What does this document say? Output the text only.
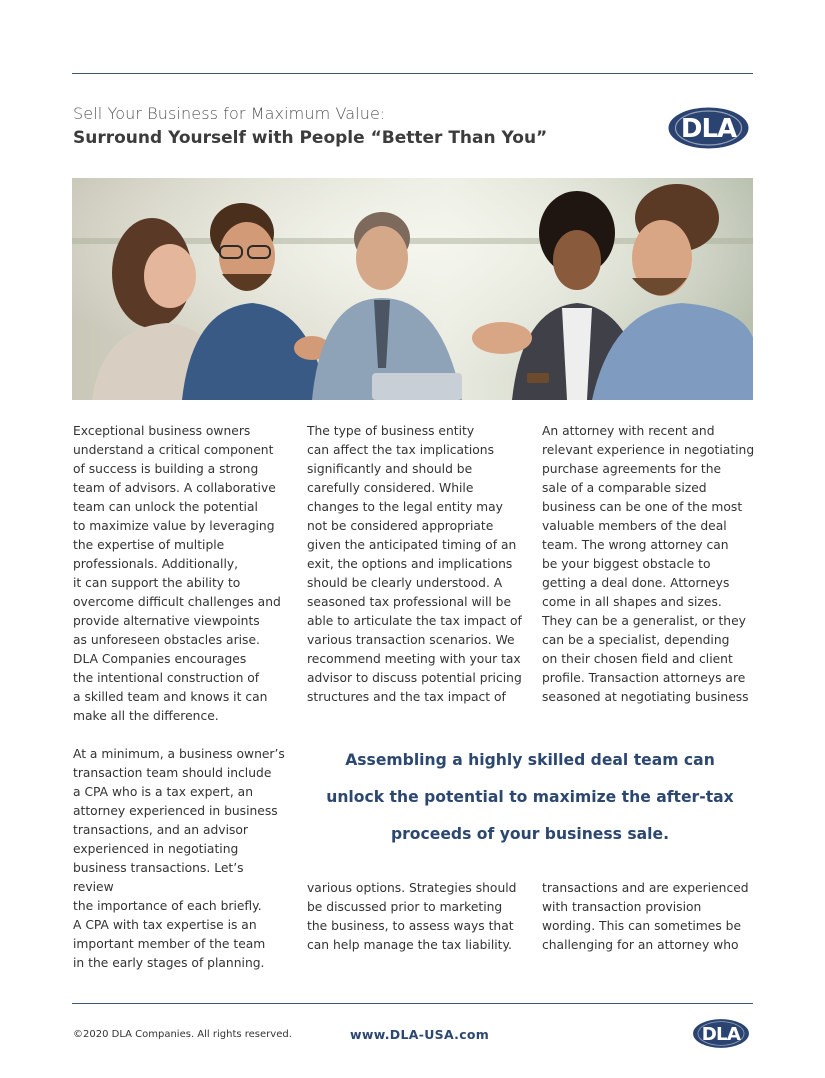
Sell Your Business for Maximum Value:
Surround Yourself with People “Better Than You”	DLA
Exceptional business owners
understand a critical component
of success is building a strong
team of advisors. A collaborative
team can unlock the potential
to maximize value by leveraging
the expertise of multiple
professionals. Additionally,
it can support the ability to
overcome difficult challenges and
provide alternative viewpoints
as unforeseen obstacles arise.
DLA Companies encourages
the intentional construction of
a skilled team and knows it can
make all the difference.
The type of business entity
can affect the tax implications
significantly and should be
carefully considered. While
changes to the legal entity may
not be considered appropriate
given the anticipated timing of an
exit, the options and implications
should be clearly understood. A
seasoned tax professional will be
able to articulate the tax impact of
various transaction scenarios. We
recommend meeting with your tax
advisor to discuss potential pricing
structures and the tax impact of
An attorney with recent and
relevant experience in negotiating
purchase agreements for the
sale of a comparable sized
business can be one of the most
valuable members of the deal
team. The wrong attorney can
be your biggest obstacle to
getting a deal done. Attorneys
come in all shapes and sizes.
They can be a generalist, or they
can be a specialist, depending
on their chosen field and client
profile. Transaction attorneys are
seasoned at negotiating business
At a minimum, a business owner’s
transaction team should include
a CPA who is a tax expert, an
attorney experienced in business
transactions, and an advisor
experienced in negotiating
business transactions. Let’s review
the importance of each briefly.
A CPA with tax expertise is an
important member of the team
in the early stages of planning.
Assembling a highly skilled deal team can
unlock the potential to maximize the after-tax
proceeds of your business sale.
various options. Strategies should
be discussed prior to marketing
the business, to assess ways that
can help manage the tax liability.
transactions and are experienced
with transaction provision
wording. This can sometimes be
challenging for an attorney who
©2020 DLA Companies. All rights reserved.	www.DLA-USA.com	DLA
